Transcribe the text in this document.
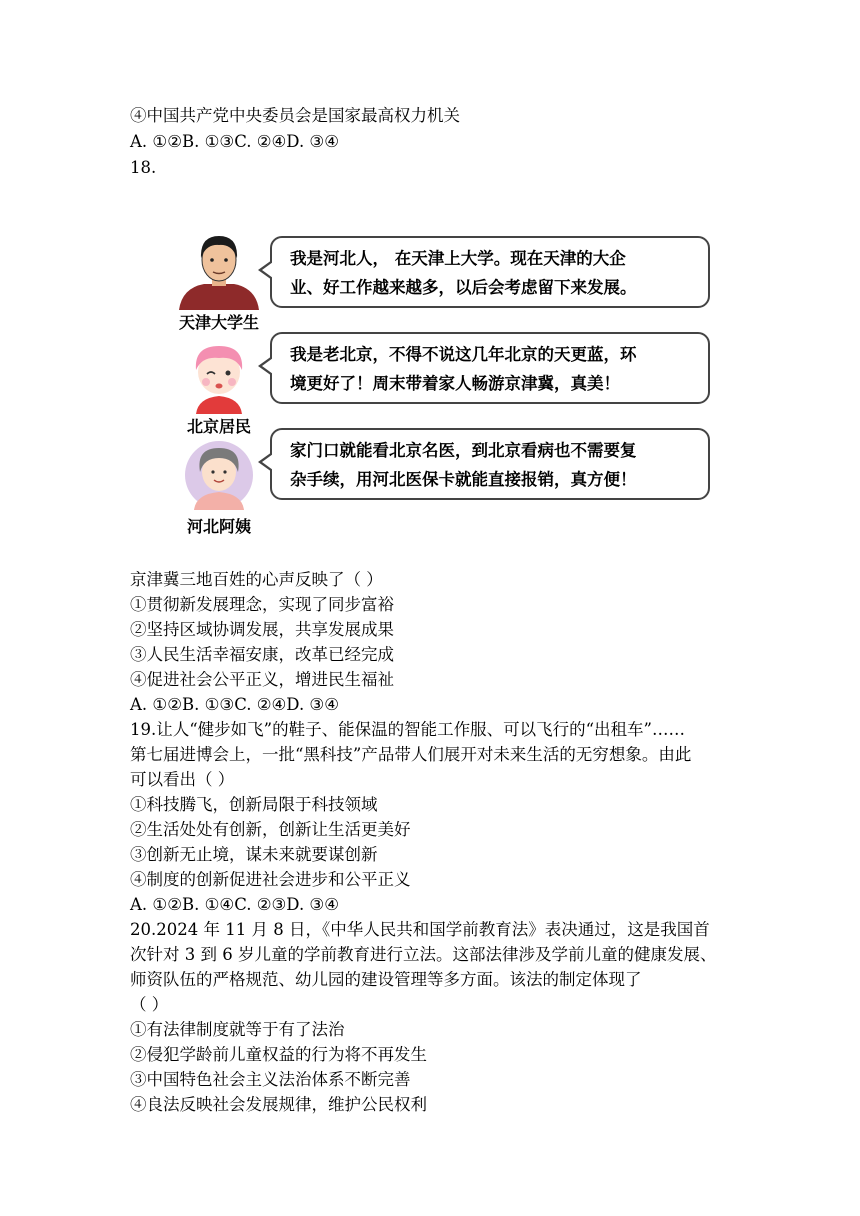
④中国共产党中央委员会是国家最高权力机关
A. ①②B. ①③C. ②④D. ③④
18.
天津大学生
我是河北人， 在天津上大学。现在天津的大企
业、好工作越来越多，以后会考虑留下来发展。
北京居民
我是老北京，不得不说这几年北京的天更蓝，环
境更好了！周末带着家人畅游京津冀，真美！
河北阿姨
家门口就能看北京名医，到北京看病也不需要复
杂手续，用河北医保卡就能直接报销，真方便！
京津冀三地百姓的心声反映了（ ）
①贯彻新发展理念，实现了同步富裕
②坚持区域协调发展，共享发展成果
③人民生活幸福安康，改革已经完成
④促进社会公平正义，增进民生福祉
A. ①②B. ①③C. ②④D. ③④
19.让人“健步如飞”的鞋子、能保温的智能工作服、可以飞行的“出租车”……
第七届进博会上，一批“黑科技”产品带人们展开对未来生活的无穷想象。由此
可以看出（ ）
①科技腾飞，创新局限于科技领域
②生活处处有创新，创新让生活更美好
③创新无止境，谋未来就要谋创新
④制度的创新促进社会进步和公平正义
A. ①②B. ①④C. ②③D. ③④
20.2024 年 11 月 8 日，《中华人民共和国学前教育法》表决通过，这是我国首
次针对 3 到 6 岁儿童的学前教育进行立法。这部法律涉及学前儿童的健康发展、
师资队伍的严格规范、幼儿园的建设管理等多方面。该法的制定体现了
（ ）
①有法律制度就等于有了法治
②侵犯学龄前儿童权益的行为将不再发生
③中国特色社会主义法治体系不断完善
④良法反映社会发展规律，维护公民权利
